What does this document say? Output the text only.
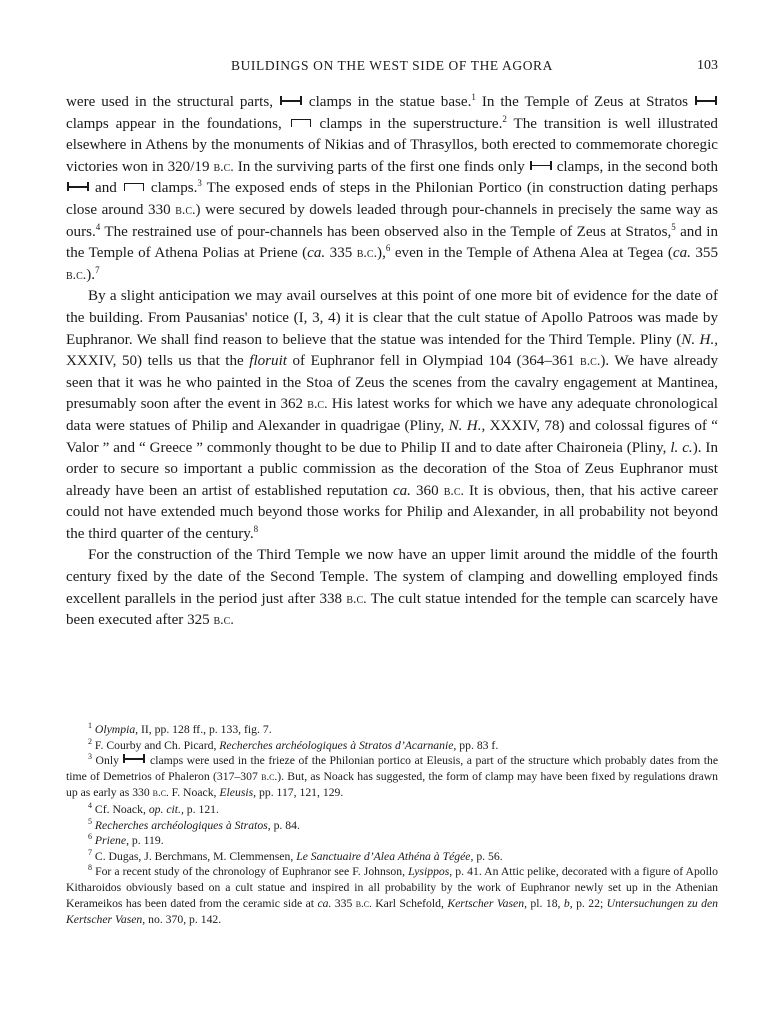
BUILDINGS ON THE WEST SIDE OF THE AGORA	103

were used in the structural parts,  clamps in the statue base.$^1$ In the Temple of Zeus at Stratos  clamps appear in the foundations,  clamps in the superstructure.$^2$ The transition is well illustrated elsewhere in Athens by the monuments of Nikias and of Thrasyllos, both erected to commemorate choregic victories won in 320/19 b.c. In the surviving parts of the first one finds only  clamps, in the second both  and  clamps.$^3$ The exposed ends of steps in the Philonian Portico (in construction dating perhaps close around 330 b.c.) were secured by dowels leaded through pour-channels in precisely the same way as ours.$^4$ The restrained use of pour-channels has been observed also in the Temple of Zeus at Stratos,$^5$ and in the Temple of Athena Polias at Priene (ca. 335 b.c.),$^6$ even in the Temple of Athena Alea at Tegea (ca. 355 b.c.).$^7$

By a slight anticipation we may avail ourselves at this point of one more bit of evidence for the date of the building. From Pausanias' notice (I, 3, 4) it is clear that the cult statue of Apollo Patroos was made by Euphranor. We shall find reason to believe that the statue was intended for the Third Temple. Pliny (N. H., XXXIV, 50) tells us that the floruit of Euphranor fell in Olympiad 104 (364–361 b.c.). We have already seen that it was he who painted in the Stoa of Zeus the scenes from the cavalry engagement at Mantinea, presumably soon after the event in 362 b.c. His latest works for which we have any adequate chronological data were statues of Philip and Alexander in quadrigae (Pliny, N. H., XXXIV, 78) and colossal figures of “ Valor ” and “ Greece ” commonly thought to be due to Philip II and to date after Chaironeia (Pliny, l. c.). In order to secure so important a public commission as the decoration of the Stoa of Zeus Euphranor must already have been an artist of established reputation ca. 360 b.c. It is obvious, then, that his active career could not have extended much beyond those works for Philip and Alexander, in all probability not beyond the third quarter of the century.$^8$

For the construction of the Third Temple we now have an upper limit around the middle of the fourth century fixed by the date of the Second Temple. The system of clamping and dowelling employed finds excellent parallels in the period just after 338 b.c. The cult statue intended for the temple can scarcely have been executed after 325 b.c.

$^1$ Olympia, II, pp. 128 ff., p. 133, fig. 7.

$^2$ F. Courby and Ch. Picard, Recherches archéologiques à Stratos d’Acarnanie, pp. 83 f.

$^3$ Only  clamps were used in the frieze of the Philonian portico at Eleusis, a part of the structure which probably dates from the time of Demetrios of Phaleron (317–307 b.c.). But, as Noack has suggested, the form of clamp may have been fixed by regulations drawn up as early as 330 b.c. F. Noack, Eleusis, pp. 117, 121, 129.

$^4$ Cf. Noack, op. cit., p. 121.

$^5$ Recherches archéologiques à Stratos, p. 84.

$^6$ Priene, p. 119.

$^7$ C. Dugas, J. Berchmans, M. Clemmensen, Le Sanctuaire d’Alea Athéna à Tégée, p. 56.

$^8$ For a recent study of the chronology of Euphranor see F. Johnson, Lysippos, p. 41. An Attic pelike, decorated with a figure of Apollo Kitharoidos obviously based on a cult statue and inspired in all probability by the work of Euphranor newly set up in the Athenian Kerameikos has been dated from the ceramic side at ca. 335 b.c. Karl Schefold, Kertscher Vasen, pl. 18, b, p. 22; Untersuchungen zu den Kertscher Vasen, no. 370, p. 142.
